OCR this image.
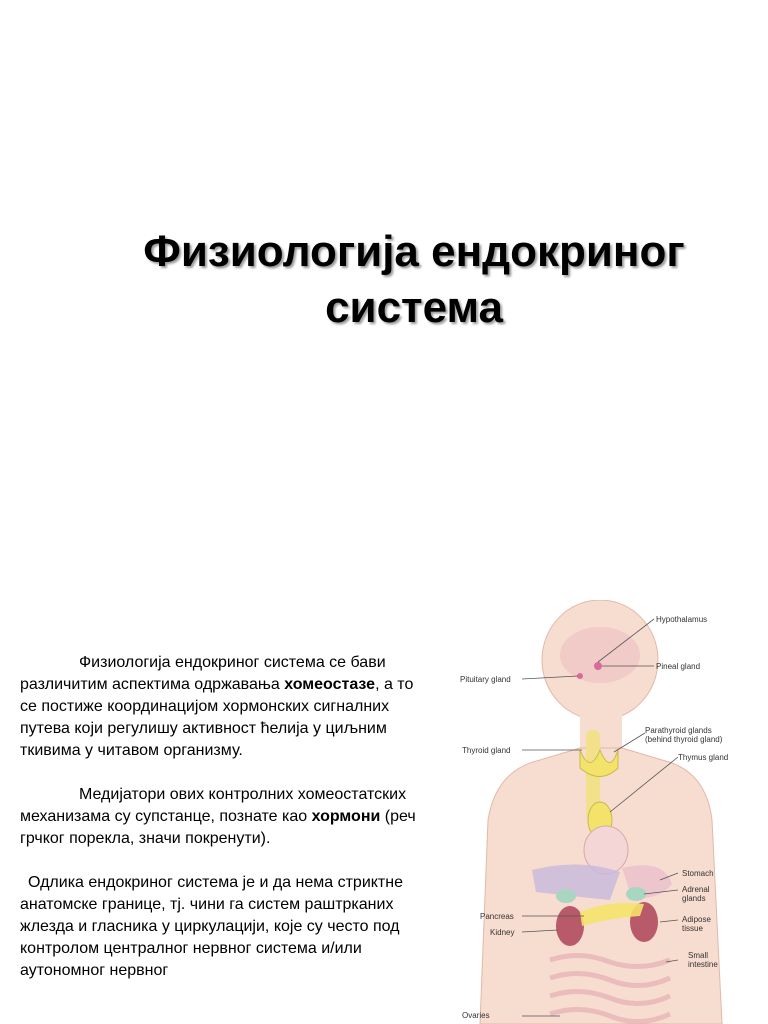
Физиологија ендокриног
система

Физиологија ендокриног система се бави различитим аспектима одржавања хомеостазе, а то се постиже координацијом хормонских сигналних путева који регулишу активност ћелија у циљним ткивима у читавом организму.

Медијатори ових контролних хомеостатских механизама су супстанце, познате као хормони (реч грчког порекла, значи покренути).

Одлика ендокриног система је и да нема стриктне анатомске границе, тј. чини га систем раштрканих жлезда и гласника у циркулацији, које су често под контролом централног нервног система и/или аутономног нервног

Hypothalamus
Pineal gland
Pituitary gland
Parathyroid glands
(behind thyroid gland)
Thymus gland
Thyroid gland
Stomach
Adrenal
glands
Pancreas	Adipose
tissue
Kidney
Small
intestine
Ovaries
